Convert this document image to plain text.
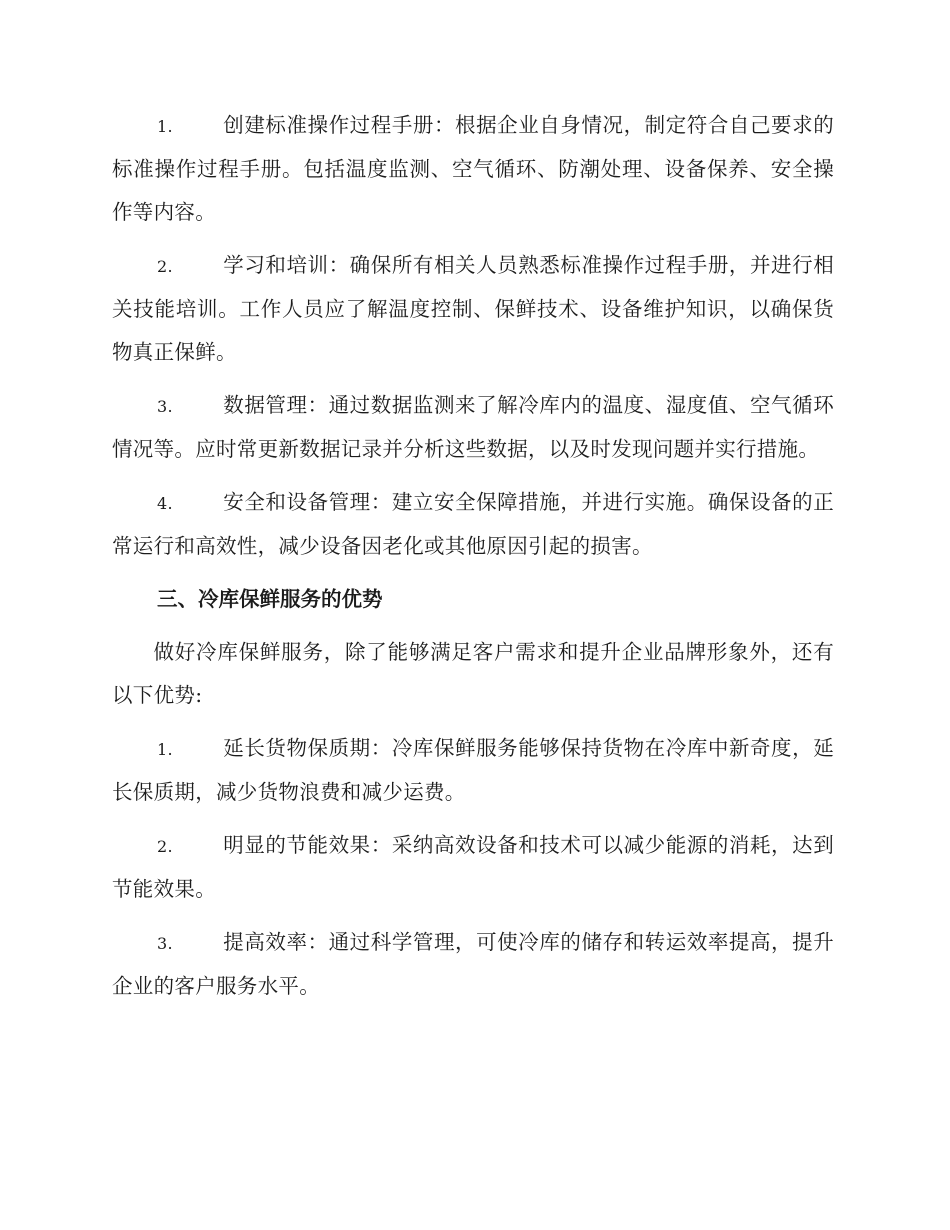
1. 创建标准操作过程手册：根据企业自身情况，制定符合自己要求的标准操作过程手册。包括温度监测、空气循环、防潮处理、设备保养、安全操作等内容。

2. 学习和培训：确保所有相关人员熟悉标准操作过程手册，并进行相关技能培训。工作人员应了解温度控制、保鲜技术、设备维护知识，以确保货物真正保鲜。

3. 数据管理：通过数据监测来了解冷库内的温度、湿度值、空气循环情况等。应时常更新数据记录并分析这些数据，以及时发现问题并实行措施。

4. 安全和设备管理：建立安全保障措施，并进行实施。确保设备的正常运行和高效性，减少设备因老化或其他原因引起的损害。

三、冷库保鲜服务的优势

做好冷库保鲜服务，除了能够满足客户需求和提升企业品牌形象外，还有以下优势:

1. 延长货物保质期：冷库保鲜服务能够保持货物在冷库中新奇度，延长保质期，减少货物浪费和减少运费。

2. 明显的节能效果：采纳高效设备和技术可以减少能源的消耗，达到节能效果。

3. 提高效率：通过科学管理，可使冷库的储存和转运效率提高，提升企业的客户服务水平。
